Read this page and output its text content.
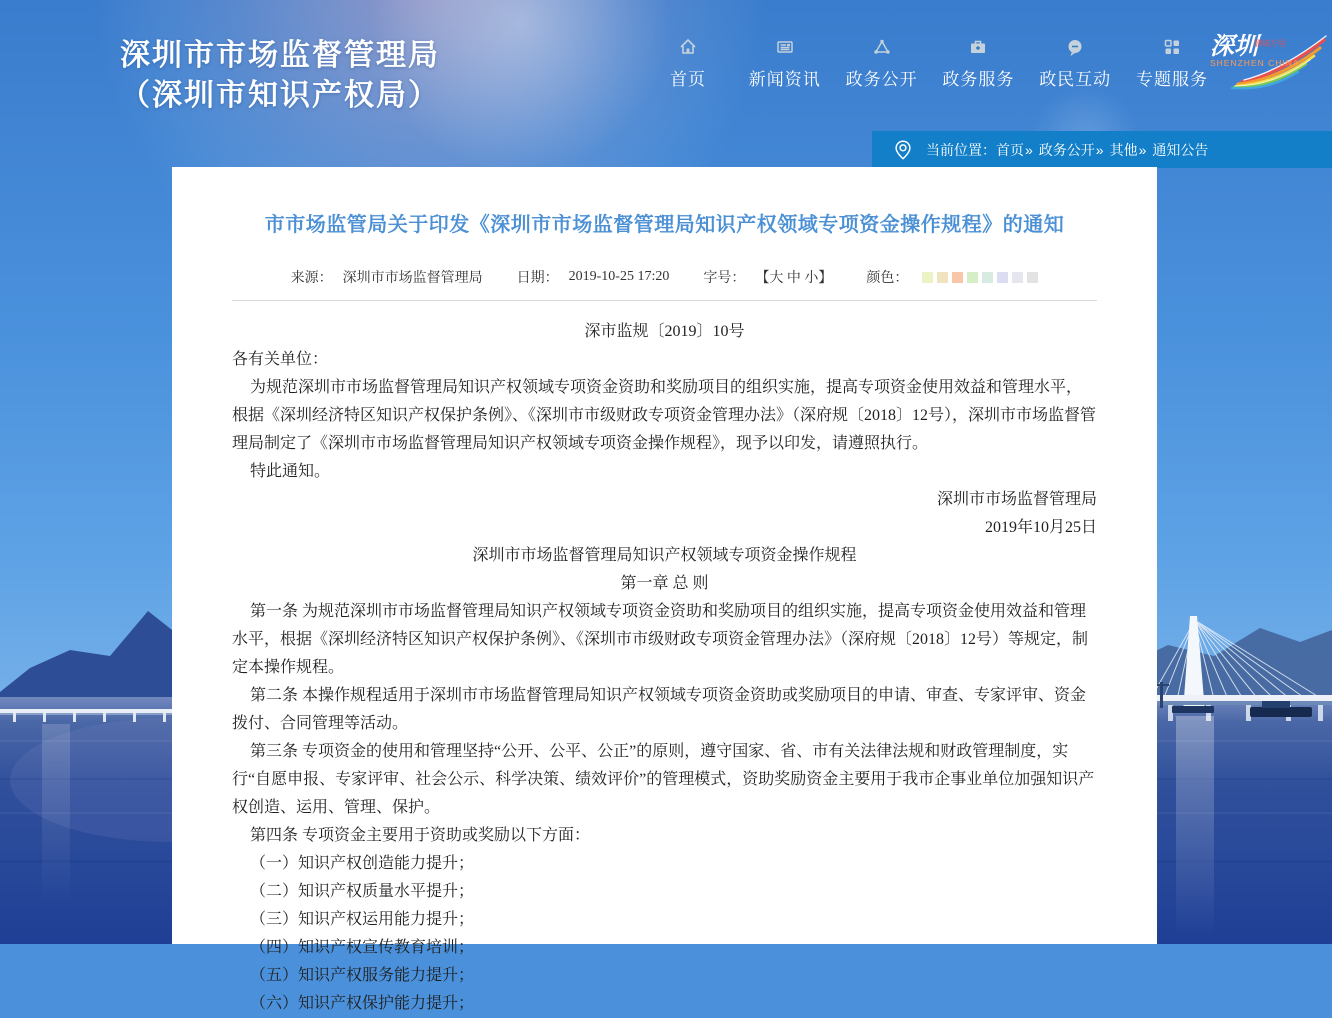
深圳市市场监督管理局
（深圳市知识产权局）	首页	新闻资讯 政务公开 政务服务 政民互动 专题服务
深圳
鹏城万里
SHENZHEN CHINA
当前位置： 首页 » 政务公开 » 其他 » 通知公告
市市场监管局关于印发《深圳市市场监督管理局知识产权领域专项资金操作规程》的通知
来源： 深圳市市场监督管理局 日期： 2019-10-25 17:20 字号： 【大 中 小】 颜色：

深市监规〔2019〕10号

各有关单位：

为规范深圳市市场监督管理局知识产权领域专项资金资助和奖励项目的组织实施，提高专项资金使用效益和管理水平，根据《深圳经济特区知识产权保护条例》、《深圳市市级财政专项资金管理办法》（深府规〔2018〕12号），深圳市市场监督管理局制定了《深圳市市场监督管理局知识产权领域专项资金操作规程》，现予以印发，请遵照执行。

特此通知。

深圳市市场监督管理局

2019年10月25日

深圳市市场监督管理局知识产权领域专项资金操作规程

第一章 总 则

第一条 为规范深圳市市场监督管理局知识产权领域专项资金资助和奖励项目的组织实施，提高专项资金使用效益和管理水平，根据《深圳经济特区知识产权保护条例》、《深圳市市级财政专项资金管理办法》（深府规〔2018〕12号）等规定，制定本操作规程。

第二条 本操作规程适用于深圳市市场监督管理局知识产权领域专项资金资助或奖励项目的申请、审查、专家评审、资金拨付、合同管理等活动。

第三条 专项资金的使用和管理坚持“公开、公平、公正”的原则，遵守国家、省、市有关法律法规和财政管理制度，实行“自愿申报、专家评审、社会公示、科学决策、绩效评价”的管理模式，资助奖励资金主要用于我市企事业单位加强知识产权创造、运用、管理、保护。

第四条 专项资金主要用于资助或奖励以下方面：

（一）知识产权创造能力提升；

（二）知识产权质量水平提升；

（三）知识产权运用能力提升；

（四）知识产权宣传教育培训；

（五）知识产权服务能力提升；

（六）知识产权保护能力提升；
